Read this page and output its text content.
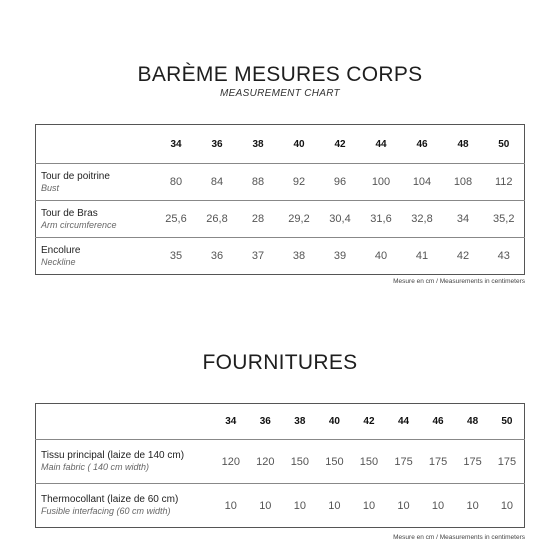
BARÈME MESURES CORPS
MEASUREMENT CHART
	34	36	38	40	42	44	46	48	50

Tour de poitrine
Bust	80	84	88	92	96	100	104	108	112

Tour de Bras
Arm circumference	25,6	26,8	28	29,2	30,4	31,6	32,8	34	35,2

Encolure
Neckline	35	36	37	38	39	40	41	42	43
Mesure en cm / Measurements in centimeters
FOURNITURES
	34	36	38	40	42	44	46	48	50

Tissu principal (laize de 140 cm)
Main fabric ( 140 cm width)	120	120	150	150	150	175	175	175	175

Thermocollant (laize de 60 cm)
Fusible interfacing (60 cm width)	10	10	10	10	10	10	10	10	10
Mesure en cm / Measurements in centimeters
